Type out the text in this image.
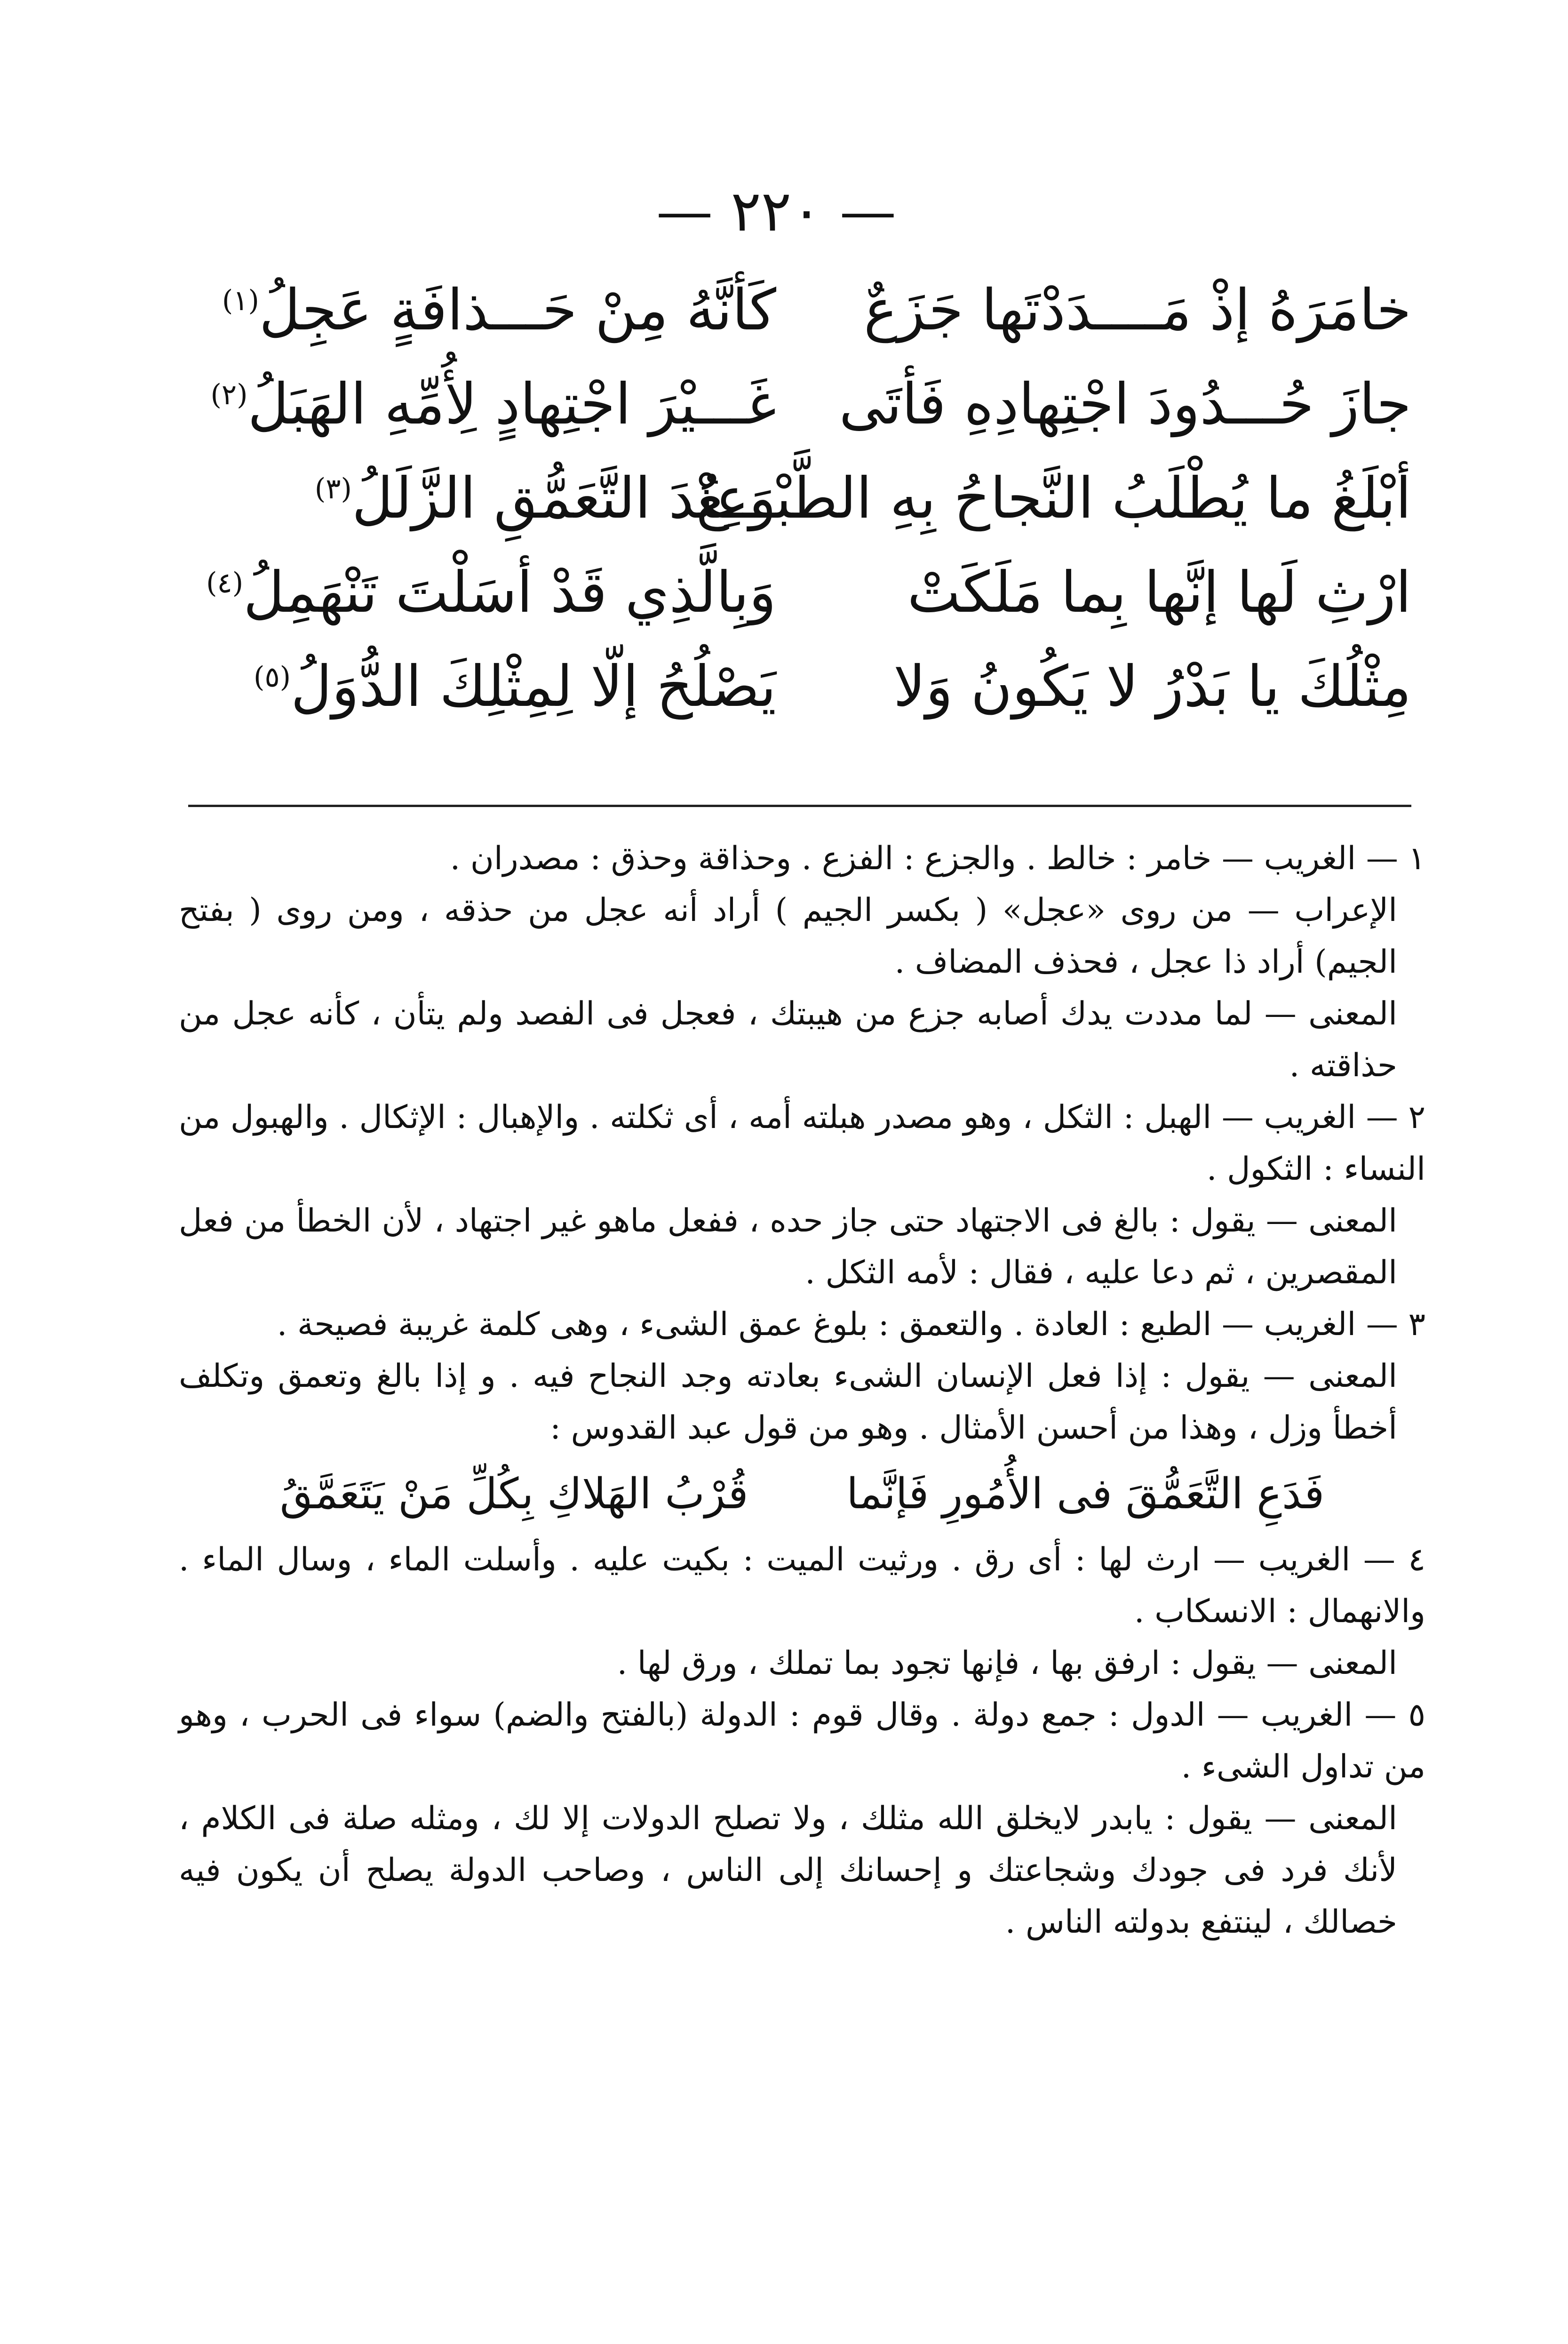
— ٢٢٠ —
خامَرَهُ إذْ مَــــدَدْتَها جَزَعٌ
كَأنَّهُ مِنْ حَـــذافَةٍ عَجِلُ$^{(١)}$
جازَ حُـــدُودَ اجْتِهادِهِ فَأتَى
غَـــيْرَ اجْتِهادٍ لِأُمِّهِ الهَبَلُ$^{(٢)}$
أبْلَغُ ما يُطْلَبُ النَّجاحُ بِهِ الطَّبْـــعُ
وَعِنْدَ التَّعَمُّقِ الزَّلَلُ$^{(٣)}$
ارْثِ لَها إنَّها بِما مَلَكَتْ
وَبِالَّذِي قَدْ أسَلْتَ تَنْهَمِلُ$^{(٤)}$
مِثْلُكَ يا بَدْرُ لا يَكُونُ وَلا
يَصْلُحُ إلّا لِمِثْلِكَ الدُّوَلُ$^{(٥)}$

١ — الغريب — خامر : خالط . والجزع : الفزع . وحذاقة وحذق : مصدران .

الإعراب — من روى «عجل» ( بكسر الجيم ) أراد أنه عجل من حذقه ، ومن روى ( بفتح الجيم) أراد ذا عجل ، فحذف المضاف .

المعنى — لما مددت يدك أصابه جزع من هيبتك ، فعجل فى الفصد ولم يتأن ، كأنه عجل من حذاقته .

٢ — الغريب — الهبل : الثكل ، وهو مصدر هبلته أمه ، أى ثكلته . والإهبال : الإثكال . والهبول من النساء : الثكول .

المعنى — يقول : بالغ فى الاجتهاد حتى جاز حده ، ففعل ماهو غير اجتهاد ، لأن الخطأ من فعل المقصرين ، ثم دعا عليه ، فقال : لأمه الثكل .

٣ — الغريب — الطبع : العادة . والتعمق : بلوغ عمق الشىء ، وهى كلمة غريبة فصيحة .

المعنى — يقول : إذا فعل الإنسان الشىء بعادته وجد النجاح فيه . و إذا بالغ وتعمق وتكلف أخطأ وزل ، وهذا من أحسن الأمثال . وهو من قول عبد القدوس :

فَدَعِ التَّعَمُّقَ فى الأُمُورِ فَإنَّما قُرْبُ الهَلاكِ بِكُلِّ مَنْ يَتَعَمَّقُ

٤ — الغريب — ارث لها : أى رق . ورثيت الميت : بكيت عليه . وأسلت الماء ، وسال الماء . والانهمال : الانسكاب .

المعنى — يقول : ارفق بها ، فإنها تجود بما تملك ، ورق لها .

٥ — الغريب — الدول : جمع دولة . وقال قوم : الدولة (بالفتح والضم) سواء فى الحرب ، وهو من تداول الشىء .

المعنى — يقول : يابدر لايخلق الله مثلك ، ولا تصلح الدولات إلا لك ، ومثله صلة فى الكلام ، لأنك فرد فى جودك وشجاعتك و إحسانك إلى الناس ، وصاحب الدولة يصلح أن يكون فيه خصالك ، لينتفع بدولته الناس .
